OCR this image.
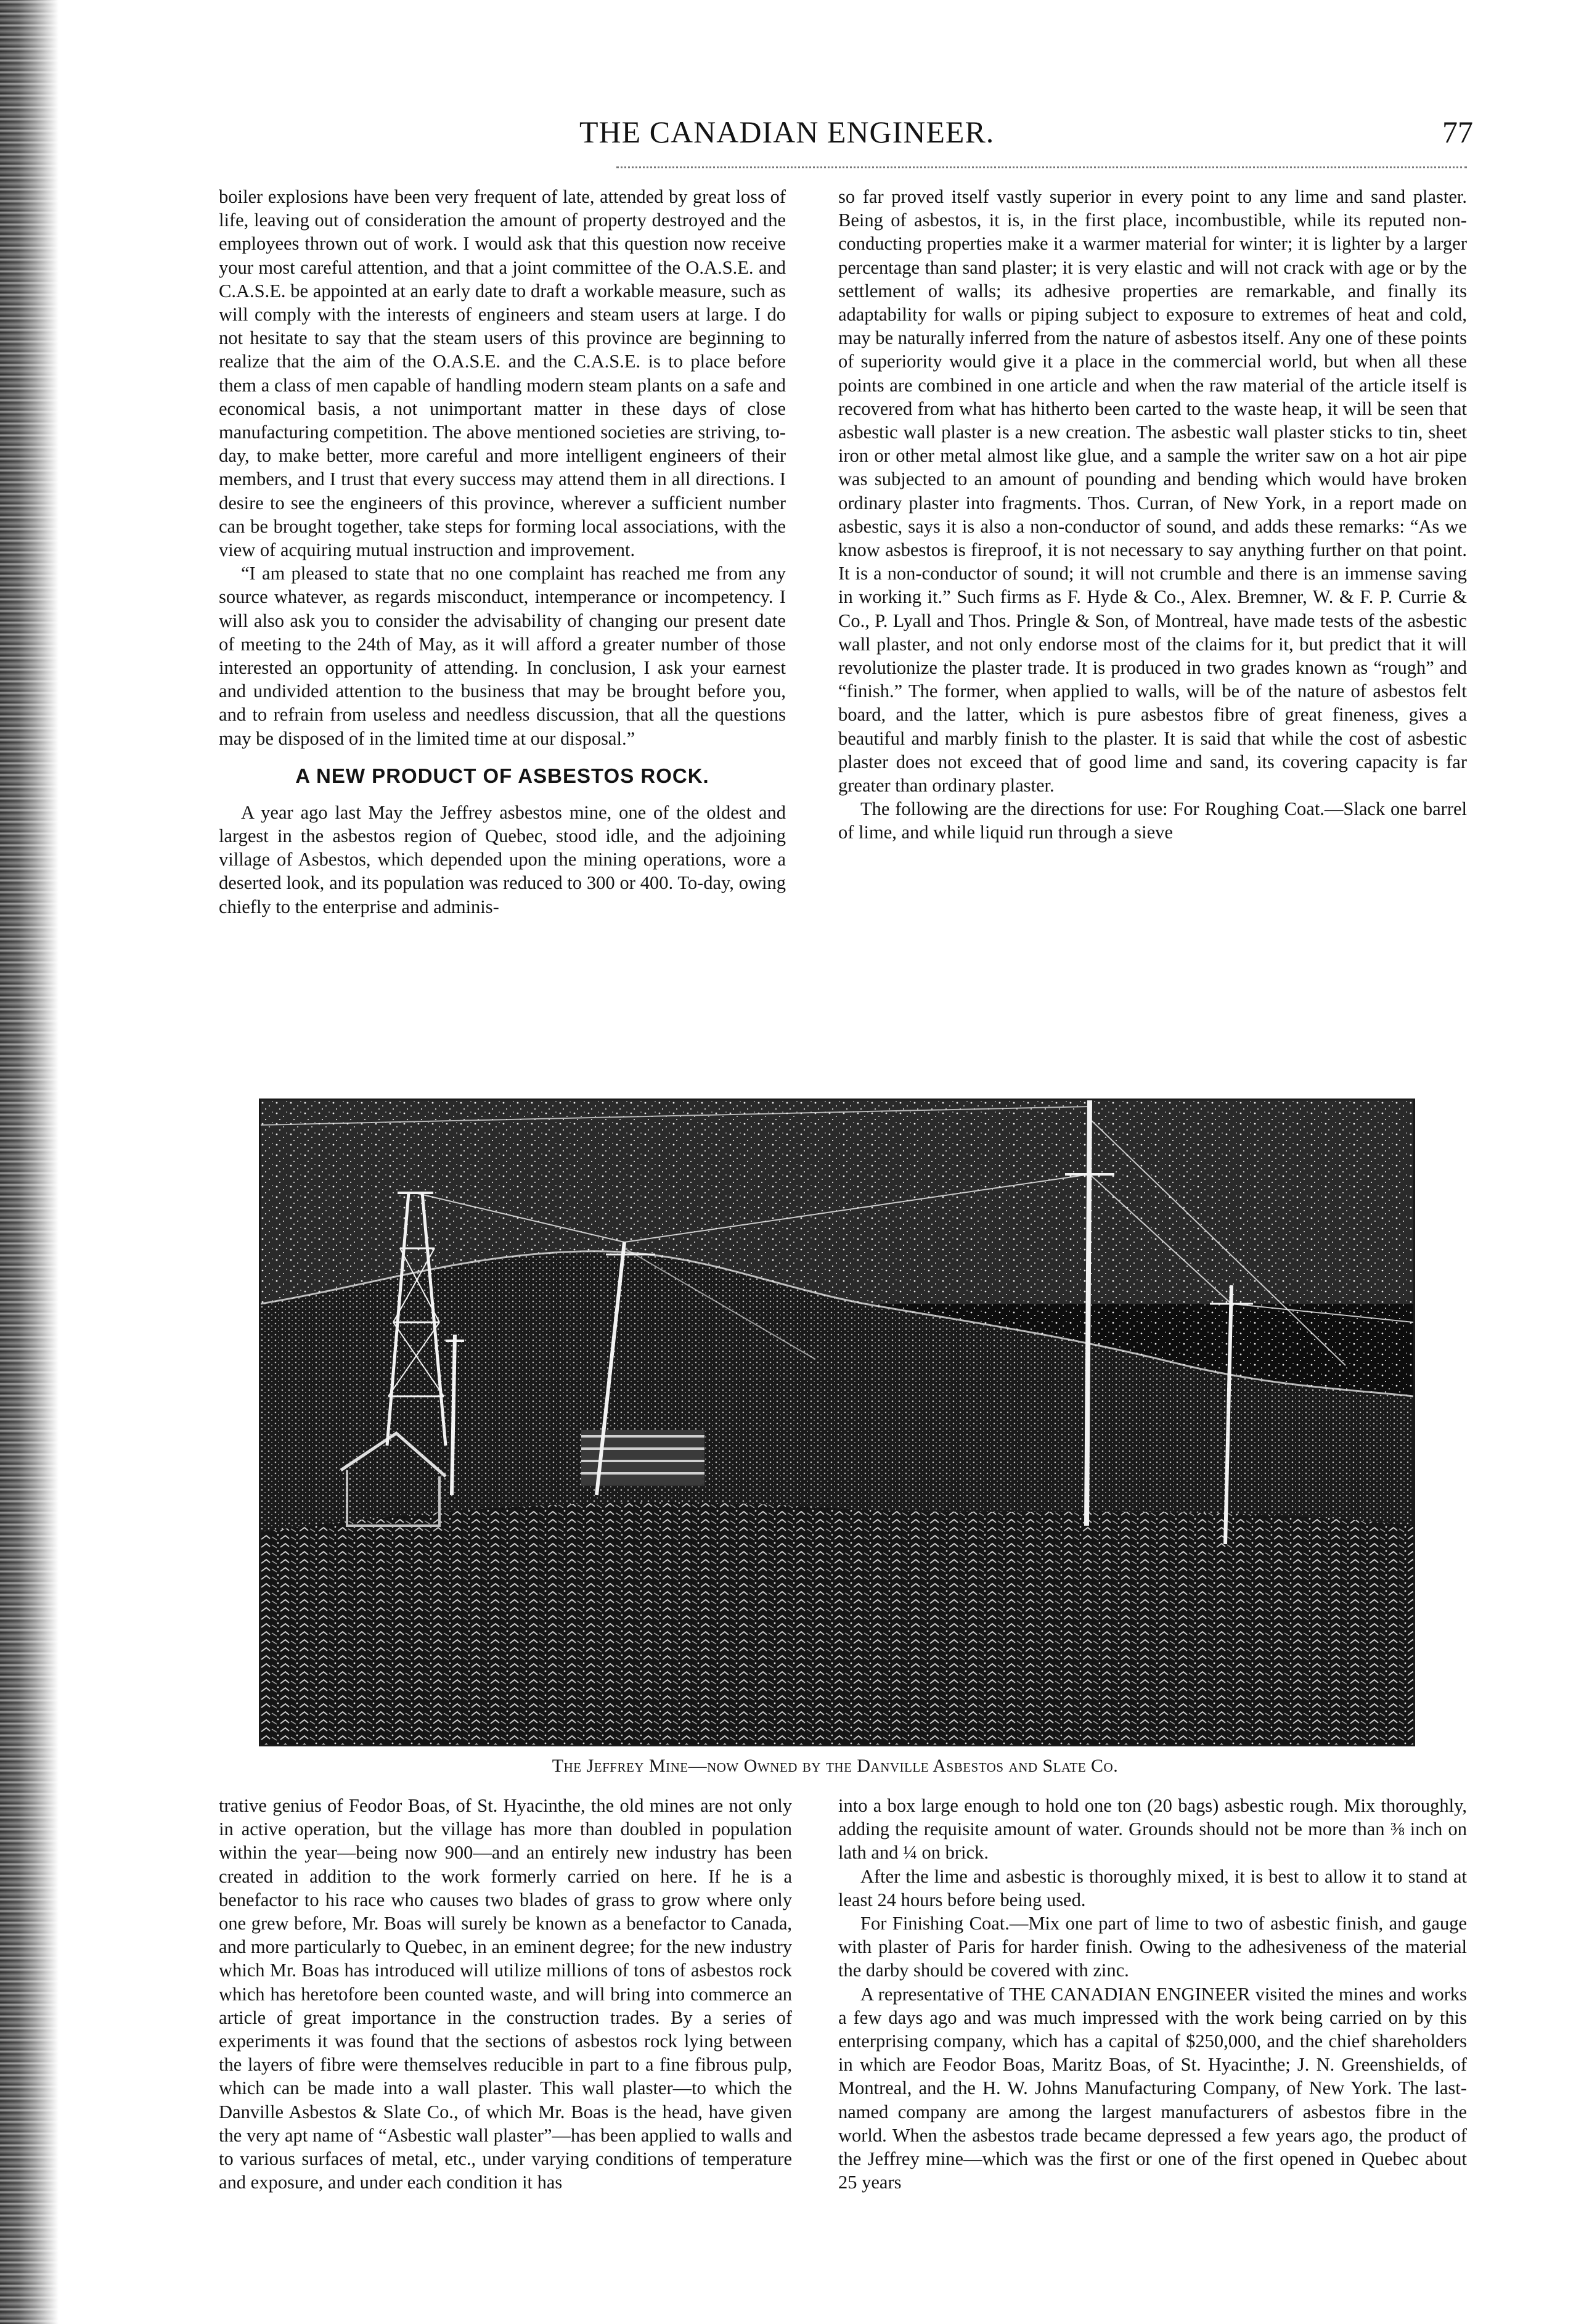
THE CANADIAN ENGINEER.	77

boiler explosions have been very frequent of late, attended by great loss of life, leaving out of consideration the amount of property destroyed and the employees thrown out of work. I would ask that this question now receive your most careful attention, and that a joint committee of the O.A.S.E. and C.A.S.E. be appointed at an early date to draft a workable measure, such as will comply with the interests of engineers and steam users at large. I do not hesitate to say that the steam users of this province are beginning to realize that the aim of the O.A.S.E. and the C.A.S.E. is to place before them a class of men capable of handling modern steam plants on a safe and economical basis, a not unimportant matter in these days of close manufacturing competition. The above mentioned societies are striving, to-day, to make better, more careful and more intelligent engineers of their members, and I trust that every success may attend them in all directions. I desire to see the engineers of this province, wherever a sufficient number can be brought together, take steps for forming local associations, with the view of acquiring mutual instruction and improvement.

“I am pleased to state that no one complaint has reached me from any source whatever, as regards misconduct, intemperance or incompetency. I will also ask you to consider the advisability of changing our present date of meeting to the 24th of May, as it will afford a greater number of those interested an opportunity of attending. In conclusion, I ask your earnest and undivided attention to the business that may be brought before you, and to refrain from useless and needless discussion, that all the questions may be disposed of in the limited time at our disposal.”

A NEW PRODUCT OF ASBESTOS ROCK.

A year ago last May the Jeffrey asbestos mine, one of the oldest and largest in the asbestos region of Quebec, stood idle, and the adjoining village of Asbestos, which depended upon the mining operations, wore a deserted look, and its population was reduced to 300 or 400. To-day, owing chiefly to the enterprise and adminis-

so far proved itself vastly superior in every point to any lime and sand plaster. Being of asbestos, it is, in the first place, incombustible, while its reputed non-conducting properties make it a warmer material for winter; it is lighter by a larger percentage than sand plaster; it is very elastic and will not crack with age or by the settlement of walls; its adhesive properties are remarkable, and finally its adaptability for walls or piping subject to exposure to extremes of heat and cold, may be naturally inferred from the nature of asbestos itself. Any one of these points of superiority would give it a place in the commercial world, but when all these points are combined in one article and when the raw material of the article itself is recovered from what has hitherto been carted to the waste heap, it will be seen that asbestic wall plaster is a new creation. The asbestic wall plaster sticks to tin, sheet iron or other metal almost like glue, and a sample the writer saw on a hot air pipe was subjected to an amount of pounding and bending which would have broken ordinary plaster into fragments. Thos. Curran, of New York, in a report made on asbestic, says it is also a non-conductor of sound, and adds these remarks: “As we know asbestos is fireproof, it is not necessary to say anything further on that point. It is a non-conductor of sound; it will not crumble and there is an immense saving in working it.” Such firms as F. Hyde & Co., Alex. Bremner, W. & F. P. Currie & Co., P. Lyall and Thos. Pringle & Son, of Montreal, have made tests of the asbestic wall plaster, and not only endorse most of the claims for it, but predict that it will revolutionize the plaster trade. It is produced in two grades known as “rough” and “finish.” The former, when applied to walls, will be of the nature of asbestos felt board, and the latter, which is pure asbestos fibre of great fineness, gives a beautiful and marbly finish to the plaster. It is said that while the cost of asbestic plaster does not exceed that of good lime and sand, its covering capacity is far greater than ordinary plaster.

The following are the directions for use: For Roughing Coat.—Slack one barrel of lime, and while liquid run through a sieve

The Jeffrey Mine—now Owned by the Danville Asbestos and Slate Co.

trative genius of Feodor Boas, of St. Hyacinthe, the old mines are not only in active operation, but the village has more than doubled in population within the year—being now 900—and an entirely new industry has been created in addition to the work formerly carried on here. If he is a benefactor to his race who causes two blades of grass to grow where only one grew before, Mr. Boas will surely be known as a benefactor to Canada, and more particularly to Quebec, in an eminent degree; for the new industry which Mr. Boas has introduced will utilize millions of tons of asbestos rock which has heretofore been counted waste, and will bring into commerce an article of great importance in the construction trades. By a series of experiments it was found that the sections of asbestos rock lying between the layers of fibre were themselves reducible in part to a fine fibrous pulp, which can be made into a wall plaster. This wall plaster—to which the Danville Asbestos & Slate Co., of which Mr. Boas is the head, have given the very apt name of “Asbestic wall plaster”—has been applied to walls and to various surfaces of metal, etc., under varying conditions of temperature and exposure, and under each condition it has

into a box large enough to hold one ton (20 bags) asbestic rough. Mix thoroughly, adding the requisite amount of water. Grounds should not be more than ⅜ inch on lath and ¼ on brick.

After the lime and asbestic is thoroughly mixed, it is best to allow it to stand at least 24 hours before being used.

For Finishing Coat.—Mix one part of lime to two of asbestic finish, and gauge with plaster of Paris for harder finish. Owing to the adhesiveness of the material the darby should be covered with zinc.

A representative of THE CANADIAN ENGINEER visited the mines and works a few days ago and was much impressed with the work being carried on by this enterprising company, which has a capital of $250,000, and the chief shareholders in which are Feodor Boas, Maritz Boas, of St. Hyacinthe; J. N. Greenshields, of Montreal, and the H. W. Johns Manufacturing Company, of New York. The last-named company are among the largest manufacturers of asbestos fibre in the world. When the asbestos trade became depressed a few years ago, the product of the Jeffrey mine—which was the first or one of the first opened in Quebec about 25 years
